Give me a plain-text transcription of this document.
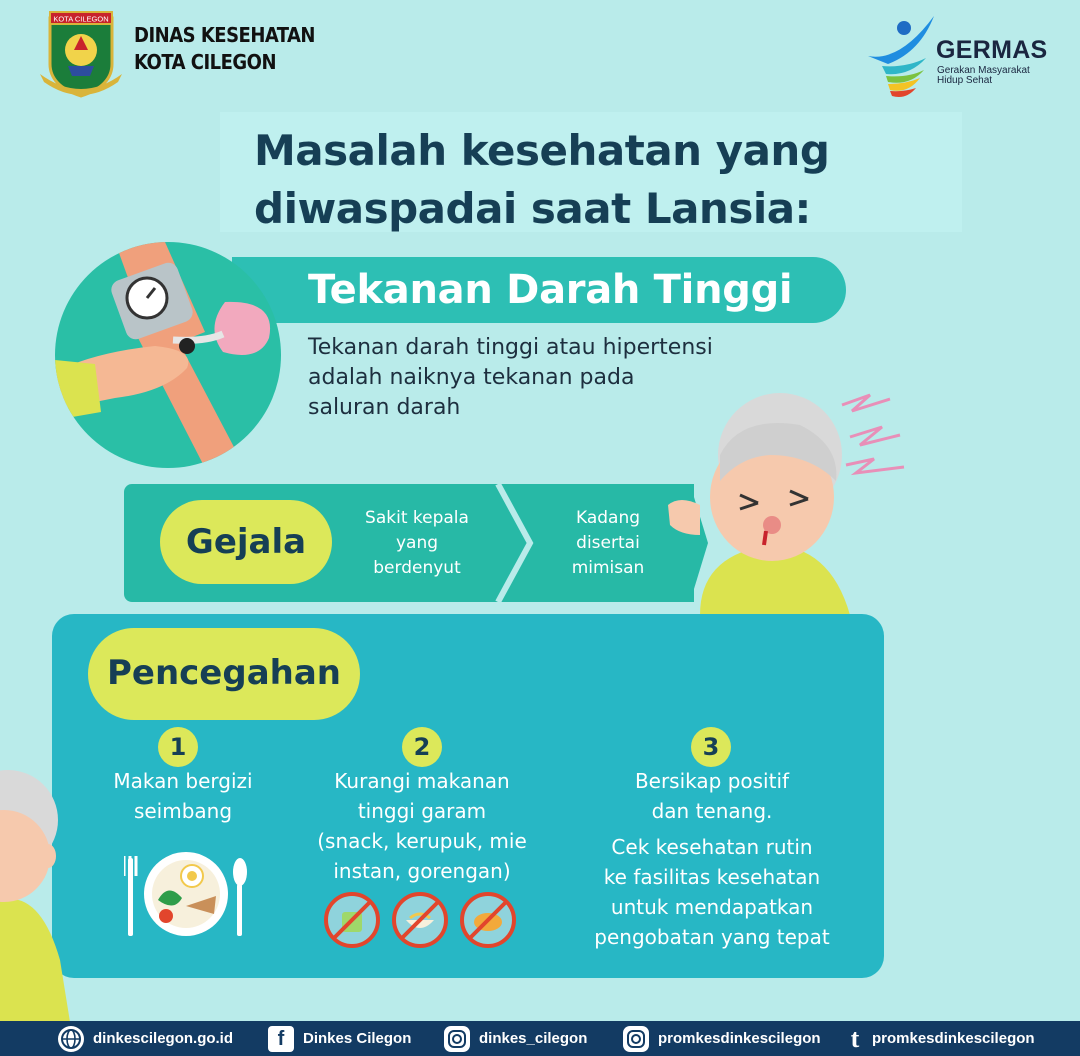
KOTA CILEGON
DINAS KESEHATAN
KOTA CILEGON	GERMAS
Gerakan Masyarakat
Hidup Sehat
Masalah kesehatan yang
diwaspadai saat Lansia:
Tekanan Darah Tinggi
Tekanan darah tinggi atau hipertensi
adalah naiknya tekanan pada
saluran darah
Gejala
Sakit kepala
yang
berdenyut
Kadang
disertai
mimisan
Pencegahan
1
Makan bergizi
seimbang
2
Kurangi makanan
tinggi garam
(snack, kerupuk, mie
instan, gorengan)
3
Bersikap positif
dan tenang.
Cek kesehatan rutin
ke fasilitas kesehatan
untuk mendapatkan
pengobatan yang tepat
dinkescilegon.go.id f Dinkes Cilegon	dinkes_cilegon	promkesdinkescilegon t promkesdinkescilegon
